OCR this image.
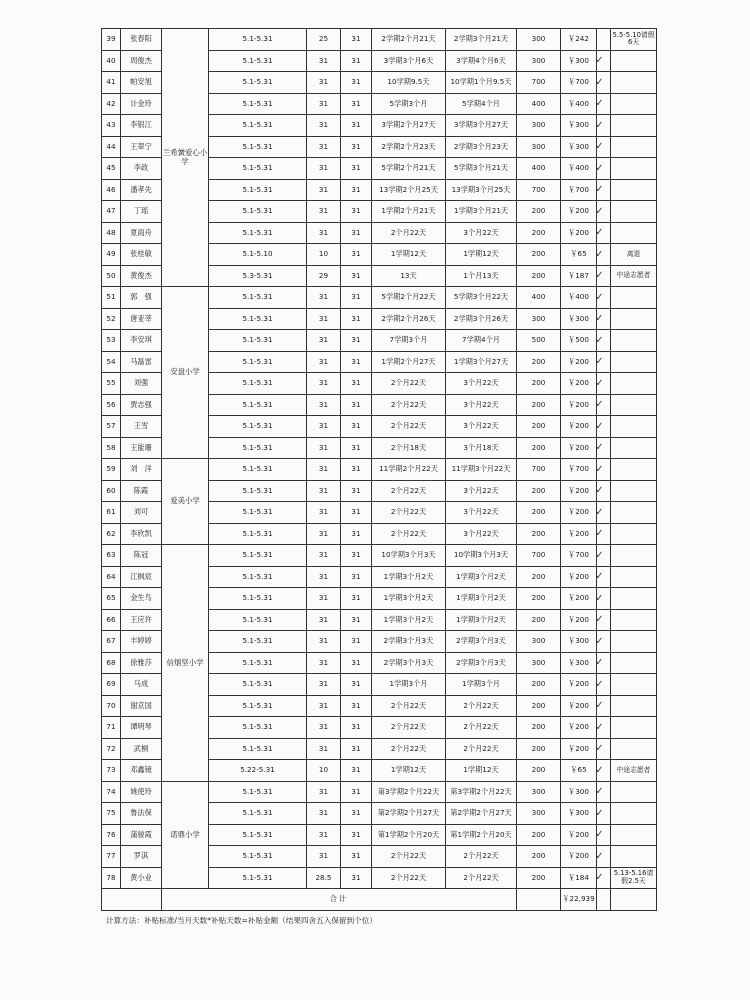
39	张春阳	兰希黉爱心小学	5.1-5.31	25	31	2学期2个月21天	2学期3个月21天	300	￥242		5.5-5.10请假6天
40	周俊杰		5.1-5.31	31	31	3学期3个月6天	3学期4个月6天	300	￥300	✓	
41	帕安旭		5.1-5.31	31	31	10学期9.5天	10学期1个月9.5天	700	￥700	✓	
42	计金玲		5.1-5.31	31	31	5学期3个月	5学期4个月	400	￥400	✓	
43	李银江		5.1-5.31	31	31	3学期2个月27天	3学期3个月27天	300	￥300	✓	
44	王翠宁		5.1-5.31	31	31	2学期2个月23天	2学期3个月23天	300	￥300	✓	
45	李政		5.1-5.31	31	31	5学期2个月21天	5学期3个月21天	400	￥400	✓	
46	潘孝先		5.1-5.31	31	31	13学期2个月25天	13学期3个月25天	700	￥700	✓	
47	丁瑶		5.1-5.31	31	31	1学期2个月21天	1学期3个月21天	200	￥200	✓	
48	夏雨舟		5.1-5.31	31	31	2个月22天	3个月22天	200	￥200	✓	
49	张桂敏		5.1-5.10	10	31	1学期12天	1学期12天	200	￥65	✓	离退
50	黄俊杰		5.3-5.31	29	31	13天	1个月13天	200	￥187	✓	中途志愿者
51	郭　强	安盘小学	5.1-5.31	31	31	5学期2个月22天	5学期3个月22天	400	￥400	✓	
52	唐亚莘		5.1-5.31	31	31	2学期2个月26天	2学期3个月26天	300	￥300	✓	
53	李安琪		5.1-5.31	31	31	7学期3个月	7学期4个月	500	￥500	✓	
54	马磊雷		5.1-5.31	31	31	1学期2个月27天	1学期3个月27天	200	￥200	✓	
55	刘强		5.1-5.31	31	31	2个月22天	3个月22天	200	￥200	✓	
56	贾志强		5.1-5.31	31	31	2个月22天	3个月22天	200	￥200	✓	
57	王雪		5.1-5.31	31	31	2个月22天	3个月22天	200	￥200	✓	
58	王能珊		5.1-5.31	31	31	2个月18天	3个月18天	200	￥200	✓	
59	刘　洋	爱美小学	5.1-5.31	31	31	11学期2个月22天	11学期3个月22天	700	￥700	✓	
60	陈霞		5.1-5.31	31	31	2个月22天	3个月22天	200	￥200	✓	
61	刘可		5.1-5.31	31	31	2个月22天	3个月22天	200	￥200	✓	
62	李欣凯		5.1-5.31	31	31	2个月22天	3个月22天	200	￥200	✓	
63	陈冠	信烟坚小学	5.1-5.31	31	31	10学期3个月3天	10学期3个月3天	700	￥700	✓	
64	江枫宸		5.1-5.31	31	31	1学期3个月2天	1学期3个月2天	200	￥200	✓	
65	金生鸟		5.1-5.31	31	31	1学期3个月2天	1学期3个月2天	200	￥200	✓	
66	王应许		5.1-5.31	31	31	1学期3个月2天	1学期3个月2天	200	￥200	✓	
67	丰婷婷		5.1-5.31	31	31	2学期3个月3天	2学期3个月3天	300	￥300	✓	
68	徐雅莎		5.1-5.31	31	31	2学期3个月3天	2学期3个月3天	300	￥300	✓	
69	马成		5.1-5.31	31	31	1学期3个月	1学期3个月	200	￥200	✓	
70	谢京国		5.1-5.31	31	31	2个月22天	2个月22天	200	￥200	✓	
71	谭明琴		5.1-5.31	31	31	2个月22天	2个月22天	200	￥200	✓	
72	武桐		5.1-5.31	31	31	2个月22天	2个月22天	200	￥200	✓	
73	邓鑫镜		5.22-5.31	10	31	1学期12天	1学期12天	200	￥65	✓	中途志愿者
74	姚使玲	诺鼎小学	5.1-5.31	31	31	第3学期2个月22天	第3学期2个月22天	300	￥300	✓	
75	鲁法保		5.1-5.31	31	31	第2学期2个月27天	第2学期2个月27天	300	￥300	✓	
76	蒲骏霞		5.1-5.31	31	31	第1学期2个月20天	第1学期2个月20天	200	￥200	✓	
77	罗淇		5.1-5.31	31	31	2个月22天	2个月22天	200	￥200	✓	
78	黄小业		5.1-5.31	28.5	31	2个月22天	2个月22天	200	￥184	✓	5.13-5.16请假2.5天
		合计							￥22,939		
计算方法：补贴标准/当月天数*补贴天数=补贴金额（结果四舍五入保留到个位）
